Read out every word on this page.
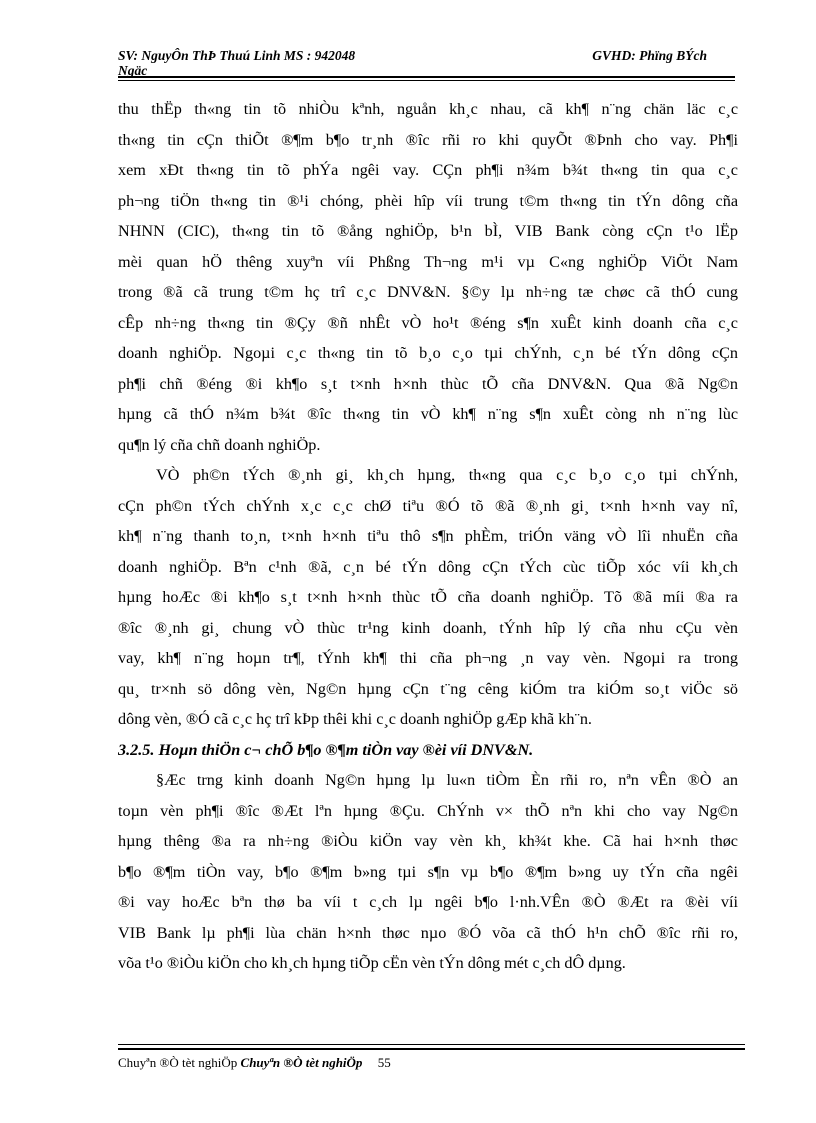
SV: NguyÔn ThÞ Thuú Linh MS : 942048	GVHD: Phïng BÝch
Ngäc
thu thËp th«ng tin tõ nhiÒu kªnh, nguån kh¸c nhau, cã kh¶ n¨ng chän läc c¸c
th«ng tin cÇn thiÕt ®¶m b¶o tr¸nh ®îc rñi ro khi quyÕt ®Þnh cho vay. Ph¶i
xem xÐt th«ng tin tõ phÝa ngêi vay. CÇn ph¶i n¾m b¾t th«ng tin qua c¸c
ph¬ng tiÖn th«ng tin ®¹i chóng, phèi hîp víi trung t©m th«ng tin tÝn dông cña
NHNN (CIC), th«ng tin tõ ®ång nghiÖp, b¹n bÌ, VIB Bank còng cÇn t¹o lËp
mèi quan hÖ thêng xuyªn víi Phßng Th¬ng m¹i vµ C«ng nghiÖp ViÖt Nam
trong ®ã cã trung t©m hç trî c¸c DNV&N. §©y lµ nh÷ng tæ chøc cã thÓ cung
cÊp nh÷ng th«ng tin ®Çy ®ñ nhÊt vÒ ho¹t ®éng s¶n xuÊt kinh doanh cña c¸c
doanh nghiÖp. Ngoµi c¸c th«ng tin tõ b¸o c¸o tµi chÝnh, c¸n bé tÝn dông cÇn
ph¶i chñ ®éng ®i kh¶o s¸t t×nh h×nh thùc tÕ cña DNV&N. Qua ®ã Ng©n
hµng cã thÓ n¾m b¾t ®îc th«ng tin vÒ kh¶ n¨ng s¶n xuÊt còng nh n¨ng lùc
qu¶n lý cña chñ doanh nghiÖp.
VÒ ph©n tÝch ®¸nh gi¸ kh¸ch hµng, th«ng qua c¸c b¸o c¸o tµi chÝnh,
cÇn ph©n tÝch chÝnh x¸c c¸c chØ tiªu ®Ó tõ ®ã ®¸nh gi¸ t×nh h×nh vay nî,
kh¶ n¨ng thanh to¸n, t×nh h×nh tiªu thô s¶n phÈm, triÓn väng vÒ lîi nhuËn cña
doanh nghiÖp. Bªn c¹nh ®ã, c¸n bé tÝn dông cÇn tÝch cùc tiÕp xóc víi kh¸ch
hµng hoÆc ®i kh¶o s¸t t×nh h×nh thùc tÕ cña doanh nghiÖp. Tõ ®ã míi ®a ra
®îc ®¸nh gi¸ chung vÒ thùc tr¹ng kinh doanh, tÝnh hîp lý cña nhu cÇu vèn
vay, kh¶ n¨ng hoµn tr¶, tÝnh kh¶ thi cña ph¬ng ¸n vay vèn. Ngoµi ra trong
qu¸ tr×nh sö dông vèn, Ng©n hµng cÇn t¨ng cêng kiÓm tra kiÓm so¸t viÖc sö
dông vèn, ®Ó cã c¸c hç trî kÞp thêi khi c¸c doanh nghiÖp gÆp khã kh¨n.
3.2.5. Hoµn thiÖn c¬ chÕ b¶o ®¶m tiÒn vay ®èi víi DNV&N.
§Æc trng kinh doanh Ng©n hµng lµ lu«n tiÒm Èn rñi ro, nªn vÊn ®Ò an
toµn vèn ph¶i ®îc ®Æt lªn hµng ®Çu. ChÝnh v× thÕ nªn khi cho vay Ng©n
hµng thêng ®a ra nh÷ng ®iÒu kiÖn vay vèn kh¸ kh¾t khe. Cã hai h×nh thøc
b¶o ®¶m tiÒn vay, b¶o ®¶m b»ng tµi s¶n vµ b¶o ®¶m b»ng uy tÝn cña ngêi
®i vay hoÆc bªn thø ba víi t c¸ch lµ ngêi b¶o l·nh.VÊn ®Ò ®Æt ra ®èi víi
VIB Bank lµ ph¶i lùa chän h×nh thøc nµo ®Ó võa cã thÓ h¹n chÕ ®îc rñi ro,
võa t¹o ®iÒu kiÖn cho kh¸ch hµng tiÕp cËn vèn tÝn dông mét c¸ch dÔ dµng.
Chuyªn ®Ò tèt nghiÖp Chuyªn ®Ò tèt nghiÖp 55
